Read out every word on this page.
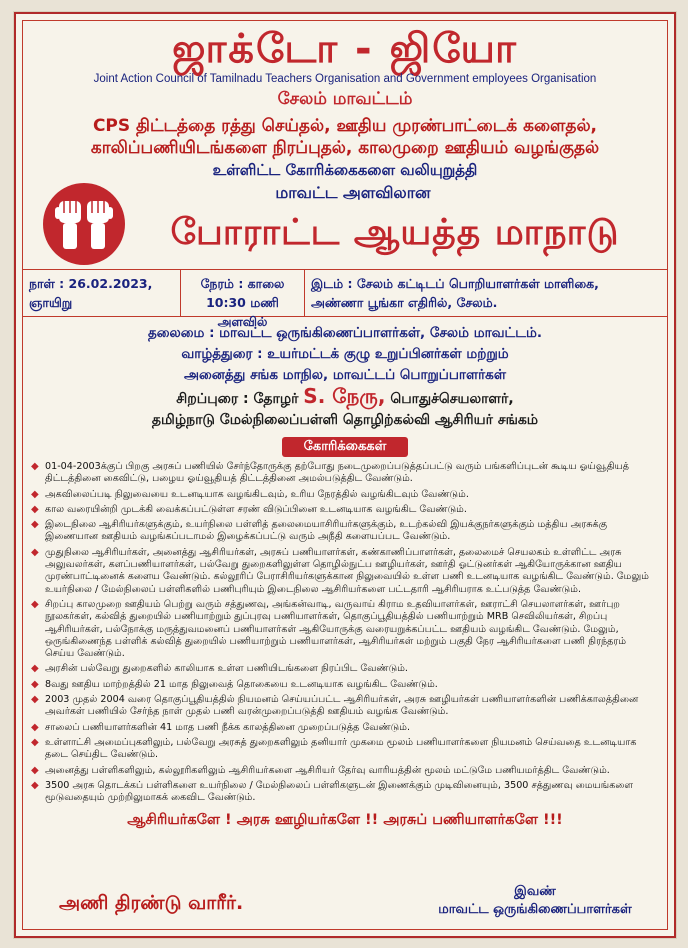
ஜாக்டோ - ஜியோ
Joint Action Council of Tamilnadu Teachers Organisation and Government employees Organisation
சேலம் மாவட்டம்
CPS திட்டத்தை ரத்து செய்தல், ஊதிய முரண்பாட்டைக் களைதல்,
காலிப்பணியிடங்களை நிரப்புதல், காலமுறை ஊதியம் வழங்குதல்
உள்ளிட்ட கோரிக்கைகளை வலியுறுத்தி
மாவட்ட அளவிலான
போராட்ட ஆயத்த மாநாடு
நாள் : 26.02.2023,
ஞாயிறு
நேரம் : காலை
10:30 மணி அளவில்
இடம் : சேலம் கட்டிடப் பொறியாளர்கள் மாளிகை,
அண்ணா பூங்கா எதிரில், சேலம்.

தலைமை : மாவட்ட ஒருங்கிணைப்பாளர்கள், சேலம் மாவட்டம்.

வாழ்த்துரை : உயர்மட்டக் குழு உறுப்பினர்கள் மற்றும்

அனைத்து சங்க மாநில, மாவட்டப் பொறுப்பாளர்கள்

சிறப்புரை : தோழர் S. நேரு, பொதுச்செயலாளர்,

தமிழ்நாடு மேல்நிலைப்பள்ளி தொழிற்கல்வி ஆசிரியர் சங்கம்

கோரிக்கைகள்
◆ 01-04-2003க்குப் பிறகு அரசுப் பணியில் சேர்ந்தோருக்கு தற்போது நடைமுறைப்படுத்தப்பட்டு வரும் பங்களிப்புடன் கூடிய ஓய்வூதியத் திட்டத்தினை கைவிட்டு, பழைய ஓய்வூதியத் திட்டத்தினை அமல்படுத்திட வேண்டும்.
◆ அகவிலைப்படி நிலுவையை உடனடியாக வழங்கிடவும், உரிய நேரத்தில் வழங்கிடவும் வேண்டும்.
◆ கால வரையின்றி முடக்கி வைக்கப்பட்டுள்ள சரண் விடுப்பினை உடனடியாக வழங்கிட வேண்டும்.
◆ இடைநிலை ஆசிரியர்களுக்கும், உயர்நிலை பள்ளித் தலைமையாசிரியர்களுக்கும், உடற்கல்வி இயக்குநர்களுக்கும் மத்திய அரசுக்கு இணையான ஊதியம் வழங்கப்படாமல் இழைக்கப்பட்டு வரும் அநீதி களையப்பட வேண்டும்.
◆ முதுநிலை ஆசிரியர்கள், அனைத்து ஆசிரியர்கள், அரசுப் பணியாளர்கள், கண்காணிப்பாளர்கள், தலைமைச் செயலகம் உள்ளிட்ட அரசு அலுவலர்கள், களப்பணியாளர்கள், பல்வேறு துறைகளிலுள்ள தொழில்நுட்ப ஊழியர்கள், ஊர்தி ஓட்டுனர்கள் ஆகியோருக்கான ஊதிய முரண்பாட்டினைக் களைய வேண்டும். கல்லூரிப் பேராசிரியர்களுக்கான நிலுவையில் உள்ள பணி உடனடியாக வழங்கிட வேண்டும். மேலும் உயர்நிலை / மேல்நிலைப் பள்ளிகளில் பணிபுரியும் இடைநிலை ஆசிரியர்களை பட்டதாரி ஆசிரியராக உட்படுத்த வேண்டும்.
◆ சிறப்பு காலமுறை ஊதியம் பெற்று வரும் சத்துணவு, அங்கன்வாடி, வருவாய் கிராம உதவியாளர்கள், ஊராட்சி செயலாளர்கள், ஊர்புற நூலகர்கள், கல்வித் துறையில் பணியாற்றும் துப்புரவு பணியாளர்கள், தொகுப்பூதியத்தில் பணியாற்றும் MRB செவிலியர்கள், சிறப்பு ஆசிரியர்கள், பல்நோக்கு மருத்துவமனைப் பணியாளர்கள் ஆகியோருக்கு வரையறுக்கப்பட்ட ஊதியம் வழங்கிட வேண்டும். மேலும், ஒருங்கிணைந்த பள்ளிக் கல்வித் துறையில் பணியாற்றும் பணியாளர்கள், ஆசிரியர்கள் மற்றும் பகுதி நேர ஆசிரியர்களை பணி நிரந்தரம் செய்ய வேண்டும்.
◆ அரசின் பல்வேறு துறைகளில் காலியாக உள்ள பணியிடங்களை நிரப்பிட வேண்டும்.
◆ 8வது ஊதிய மாற்றத்தில் 21 மாத நிலுவைத் தொகையை உடனடியாக வழங்கிட வேண்டும்.
◆ 2003 முதல் 2004 வரை தொகுப்பூதியத்தில் நியமனம் செய்யப்பட்ட ஆசிரியர்கள், அரசு ஊழியர்கள் பணியாளர்களின் பணிக்காலத்தினை அவர்கள் பணியில் சேர்ந்த நாள் முதல் பணி வரன்முறைப்படுத்தி ஊதியம் வழங்க வேண்டும்.
◆ சாலைப் பணியாளர்களின் 41 மாத பணி நீக்க காலத்தினை முறைப்படுத்த வேண்டும்.
◆ உள்ளாட்சி அமைப்புகளிலும், பல்வேறு அரசுத் துறைகளிலும் தனியார் முகமை மூலம் பணியாளர்களை நியமனம் செய்வதை உடனடியாக தடை செய்திட வேண்டும்.
◆ அனைத்து பள்ளிகளிலும், கல்லூரிகளிலும் ஆசிரியர்களை ஆசிரியர் தேர்வு வாரியத்தின் மூலம் மட்டுமே பணியமர்த்திட வேண்டும்.
◆ 3500 அரசு தொடக்கப் பள்ளிகளை உயர்நிலை / மேல்நிலைப் பள்ளிகளுடன் இணைக்கும் முடிவினையும், 3500 சத்துணவு மையங்களை மூடுவதையும் முற்றிலுமாகக் கைவிட வேண்டும்.
ஆசிரியர்களே ! அரசு ஊழியர்களே !! அரசுப் பணியாளர்களே !!!
அணி திரண்டு வாரீர்.
இவண்
மாவட்ட ஒருங்கிணைப்பாளர்கள்
